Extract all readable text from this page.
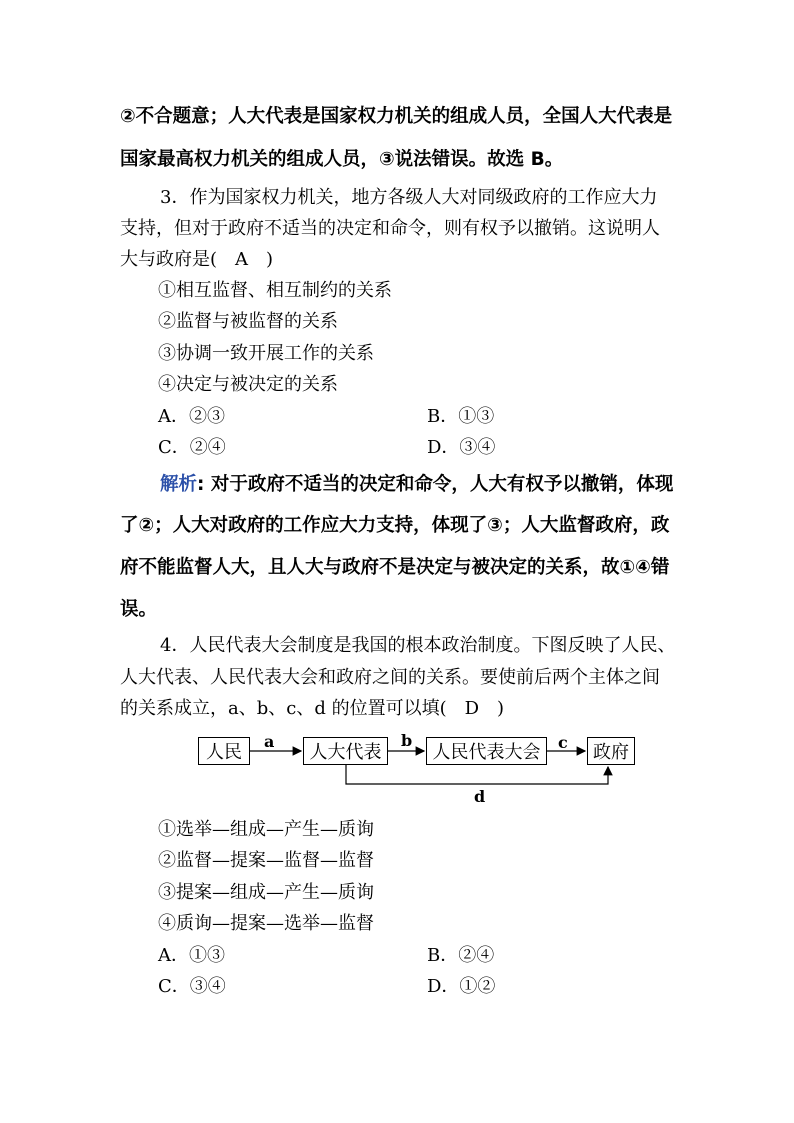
②不合题意；人大代表是国家权力机关的组成人员，全国人大代表是
国家最高权力机关的组成人员，③说法错误。故选 B。
3．作为国家权力机关，地方各级人大对同级政府的工作应大力
支持，但对于政府不适当的决定和命令，则有权予以撤销。这说明人
大与政府是(　A　)
①相互监督、相互制约的关系
②监督与被监督的关系
③协调一致开展工作的关系
④决定与被决定的关系
A．②③	B．①③
C．②④	D．③④
解析: 对于政府不适当的决定和命令，人大有权予以撤销，体现
了②；人大对政府的工作应大力支持，体现了③；人大监督政府，政
府不能监督人大，且人大与政府不是决定与被决定的关系，故①④错
误。
4．人民代表大会制度是我国的根本政治制度。下图反映了人民、
人大代表、人民代表大会和政府之间的关系。要使前后两个主体之间
的关系成立，a、b、c、d 的位置可以填(　D　)
人民	人大代表	人民代表大会	政府
a	b	c
d
①选举—组成—产生—质询
②监督—提案—监督—监督
③提案—组成—产生—质询
④质询—提案—选举—监督
A．①③	B．②④
C．③④	D．①②
